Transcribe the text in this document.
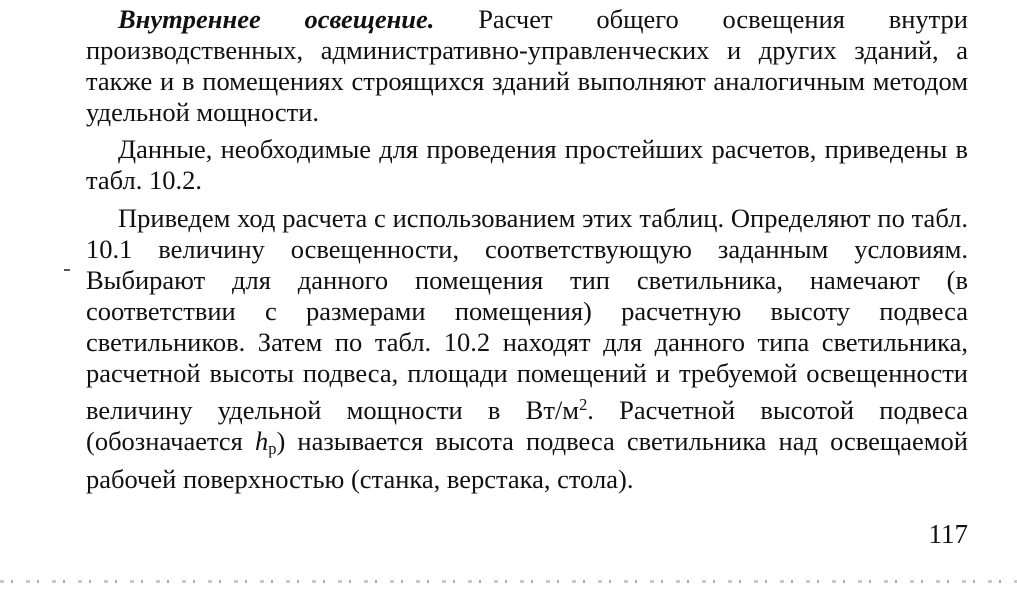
Внутреннее освещение. Расчет общего освещения внутри производственных, административно-управленческих и других зданий, а также и в помещениях строящихся зданий выполняют аналогичным методом удельной мощности.

Данные, необходимые для проведения простейших расчетов, приведены в табл. 10.2.

Приведем ход расчета с использованием этих таблиц. Определяют по табл. 10.1 величину освещенности, соответствующую заданным условиям. Выбирают для данного помещения тип светильника, намечают (в соответствии с размерами помещения) расчетную высоту подвеса светильников. Затем по табл. 10.2 находят для данного типа светильника, расчетной высоты подвеса, площади помещений и требуемой освещенности величину удельной мощности в $Вт/м^2$. Расчетной высотой подвеса (обозначается $h_p$) называется высота подвеса светильника над освещаемой рабочей поверхностью (станка, верстака, стола).

117
